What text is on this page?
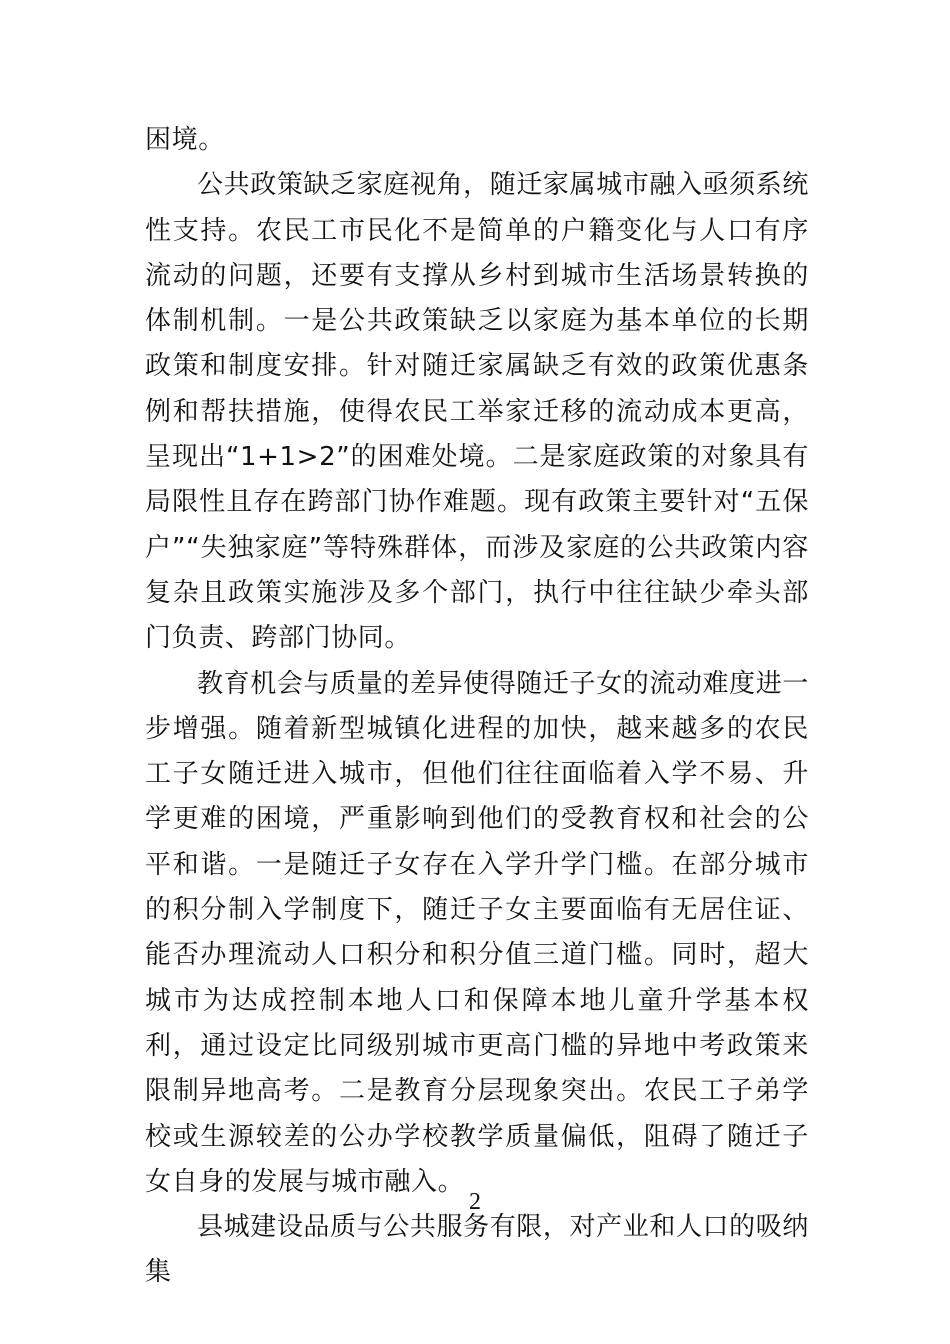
困境。

公共政策缺乏家庭视角，随迁家属城市融入亟须系统性支持。农民工市民化不是简单的户籍变化与人口有序流动的问题，还要有支撑从乡村到城市生活场景转换的体制机制。一是公共政策缺乏以家庭为基本单位的长期政策和制度安排。针对随迁家属缺乏有效的政策优惠条例和帮扶措施，使得农民工举家迁移的流动成本更高，呈现出“1+1>2”的困难处境。二是家庭政策的对象具有局限性且存在跨部门协作难题。现有政策主要针对“五保户”“失独家庭”等特殊群体，而涉及家庭的公共政策内容复杂且政策实施涉及多个部门，执行中往往缺少牵头部门负责、跨部门协同。

教育机会与质量的差异使得随迁子女的流动难度进一步增强。随着新型城镇化进程的加快，越来越多的农民工子女随迁进入城市，但他们往往面临着入学不易、升学更难的困境，严重影响到他们的受教育权和社会的公平和谐。一是随迁子女存在入学升学门槛。在部分城市的积分制入学制度下，随迁子女主要面临有无居住证、能否办理流动人口积分和积分值三道门槛。同时，超大城市为达成控制本地人口和保障本地儿童升学基本权利，通过设定比同级别城市更高门槛的异地中考政策来限制异地高考。二是教育分层现象突出。农民工子弟学校或生源较差的公办学校教学质量偏低，阻碍了随迁子女自身的发展与城市融入。

县城建设品质与公共服务有限，对产业和人口的吸纳集

2
